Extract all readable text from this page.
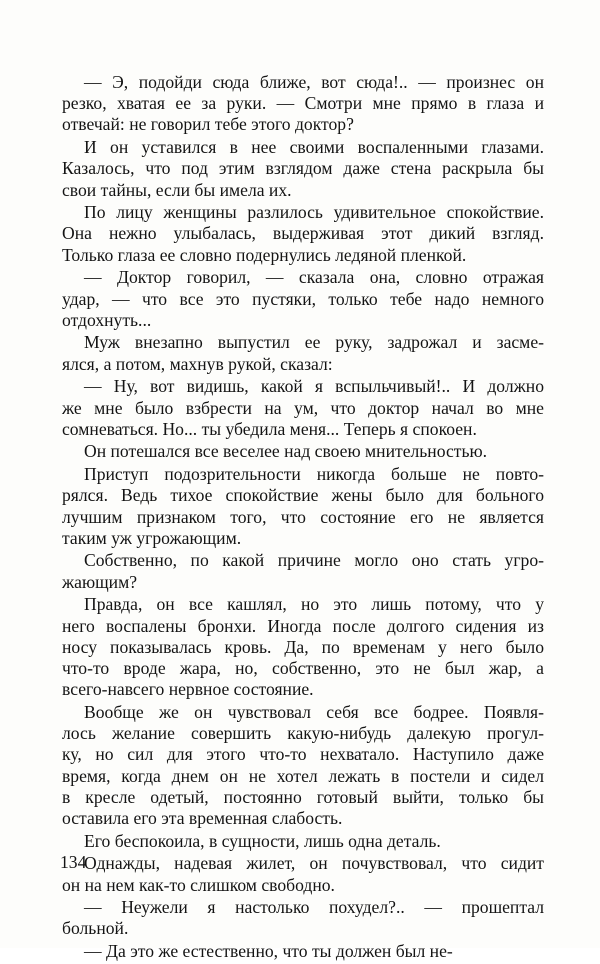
— Э, подойди сюда ближе, вот сюда!.. — произнес он
резко, хватая ее за руки. — Смотри мне прямо в глаза и
отвечай: не говорил тебе этого доктор?
И он уставился в нее своими воспаленными глазами.
Казалось, что под этим взглядом даже стена раскрыла бы
свои тайны, если бы имела их.
По лицу женщины разлилось удивительное спокойствие.
Она нежно улыбалась, выдерживая этот дикий взгляд.
Только глаза ее словно подернулись ледяной пленкой.
— Доктор говорил, — сказала она, словно отражая
удар, — что все это пустяки, только тебе надо немного
отдохнуть...
Муж внезапно выпустил ее руку, задрожал и засме-
ялся, а потом, махнув рукой, сказал:
— Ну, вот видишь, какой я вспыльчивый!.. И должно
же мне было взбрести на ум, что доктор начал во мне
сомневаться. Но... ты убедила меня... Теперь я спокоен.
Он потешался все веселее над своею мнительностью.
Приступ подозрительности никогда больше не повто-
рялся. Ведь тихое спокойствие жены было для больного
лучшим признаком того, что состояние его не является
таким уж угрожающим.
Собственно, по какой причине могло оно стать угро-
жающим?
Правда, он все кашлял, но это лишь потому, что у
него воспалены бронхи. Иногда после долгого сидения из
носу показывалась кровь. Да, по временам у него было
что-то вроде жара, но, собственно, это не был жар, а
всего-навсего нервное состояние.
Вообще же он чувствовал себя все бодрее. Появля-
лось желание совершить какую-нибудь далекую прогул-
ку, но сил для этого что-то нехватало. Наступило даже
время, когда днем он не хотел лежать в постели и сидел
в кресле одетый, постоянно готовый выйти, только бы
оставила его эта временная слабость.
Его беспокоила, в сущности, лишь одна деталь.
Однажды, надевая жилет, он почувствовал, что сидит
он на нем как-то слишком свободно.
— Неужели я настолько похудел?.. — прошептал
больной.
— Да это же естественно, что ты должен был не-
134
